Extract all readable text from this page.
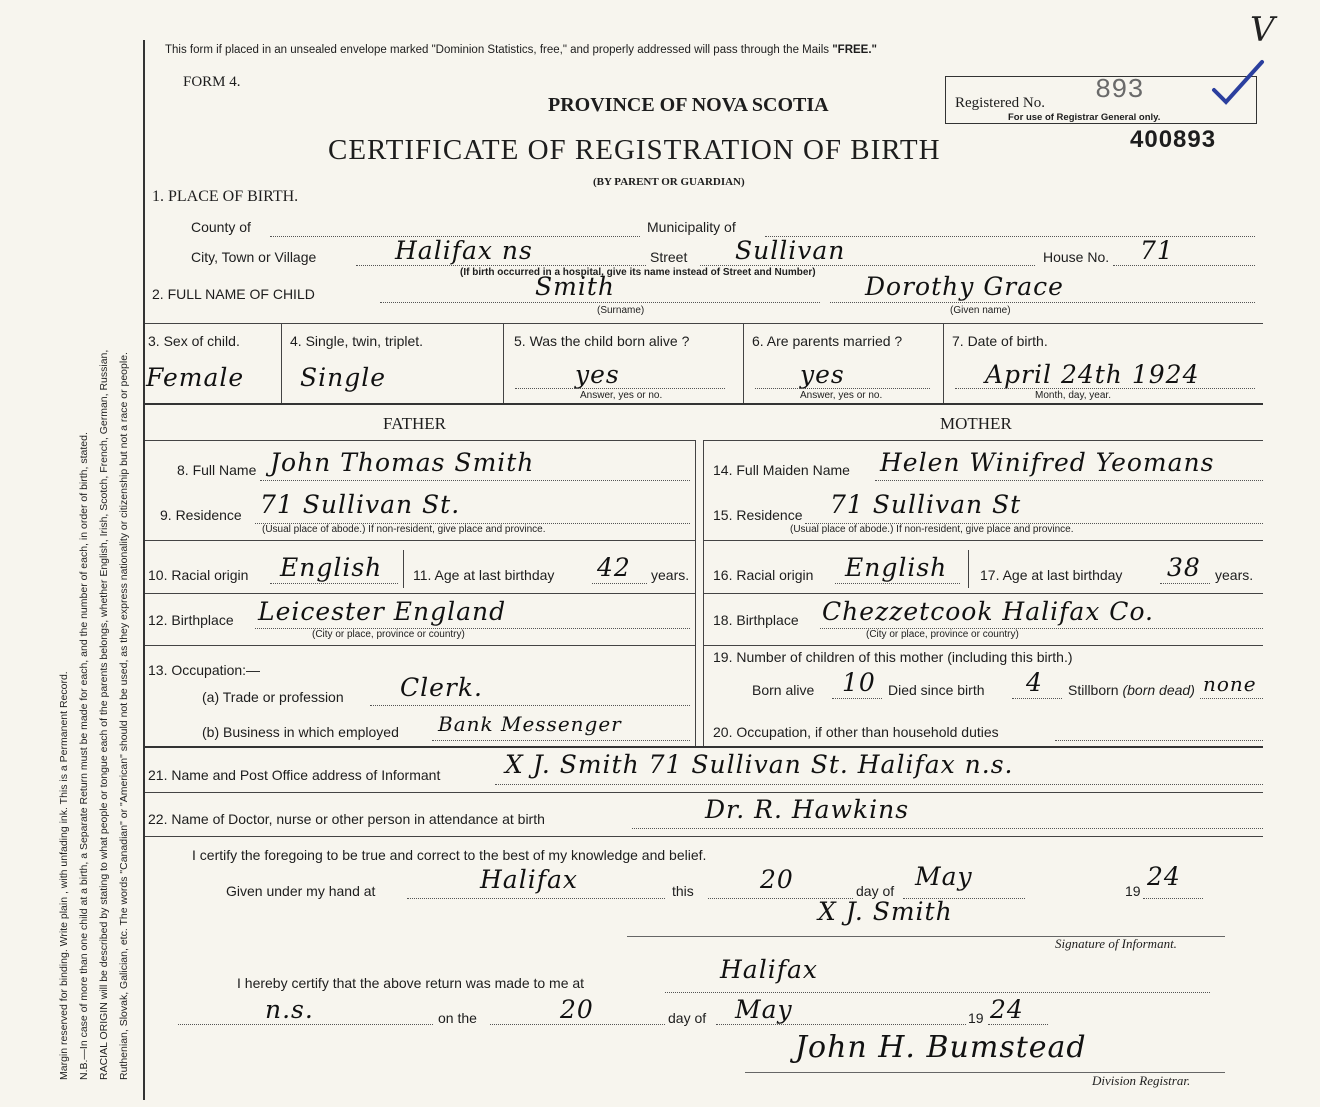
Margin reserved for binding. Write plain , with unfading ink. This is a Permanent Record. N.B.—In case of more than one child at a birth, a Separate Return must be made for each, and the number of each, in order of birth, stated. RACIAL ORIGIN will be described by stating to what people or tongue each of the parents belongs, whether English, Irish, Scotch, French, German, Russian, Ruthenian, Slovak, Galician, etc. The words "Canadian" or "American" should not be used, as they express nationality or citizenship but not a race or people.
This form if placed in an unsealed envelope marked "Dominion Statistics, free," and properly addressed will pass through the Mails "FREE."
FORM 4.
PROVINCE OF NOVA SCOTIA
CERTIFICATE OF REGISTRATION OF BIRTH
(BY PARENT OR GUARDIAN)
Registered No. 893
For use of Registrar General only.
400893
V
1. PLACE OF BIRTH.
County of	Municipality of
City, Town or Village	Halifax ns	Street Sullivan	House No. 71
(If birth occurred in a hospital, give its name instead of Street and Number)
2. FULL NAME OF CHILD	Smith
(Surname)
Dorothy Grace
(Given name)
3. Sex of child.
Female
4. Single, twin, triplet.
Single
5. Was the child born alive ?
yes
Answer, yes or no.
6. Are parents married ?
yes
Answer, yes or no.
7. Date of birth.
April 24th 1924
Month, day, year.
FATHER	MOTHER
8. Full Name John Thomas Smith
9. Residence 71 Sullivan St.
(Usual place of abode.) If non-resident, give place and province.
10. Racial origin English 11. Age at last birthday 42 years.
12. Birthplace Leicester England
(City or place, province or country)
13. Occupation:—
(a) Trade or profession Clerk.
(b) Business in which employed Bank Messenger
14. Full Maiden Name Helen Winifred Yeomans
15. Residence 71 Sullivan St
(Usual place of abode.) If non-resident, give place and province.
16. Racial origin English 17. Age at last birthday 38 years.
18. Birthplace Chezzetcook Halifax Co.
(City or place, province or country)
19. Number of children of this mother (including this birth.)
Born alive 10 Died since birth 4 Stillborn (born dead) none
20. Occupation, if other than household duties
21. Name and Post Office address of Informant	X J. Smith 71 Sullivan St. Halifax n.s.
22. Name of Doctor, nurse or other person in attendance at birth	Dr. R. Hawkins
I certify the foregoing to be true and correct to the best of my knowledge and belief.
Given under my hand at	Halifax	this	20	day of May	19 24
X J. Smith
Signature of Informant.
I hereby certify that the above return was made to me at	Halifax
n.s.	on the	20	day of May	19 24
John H. Bumstead
Division Registrar.
